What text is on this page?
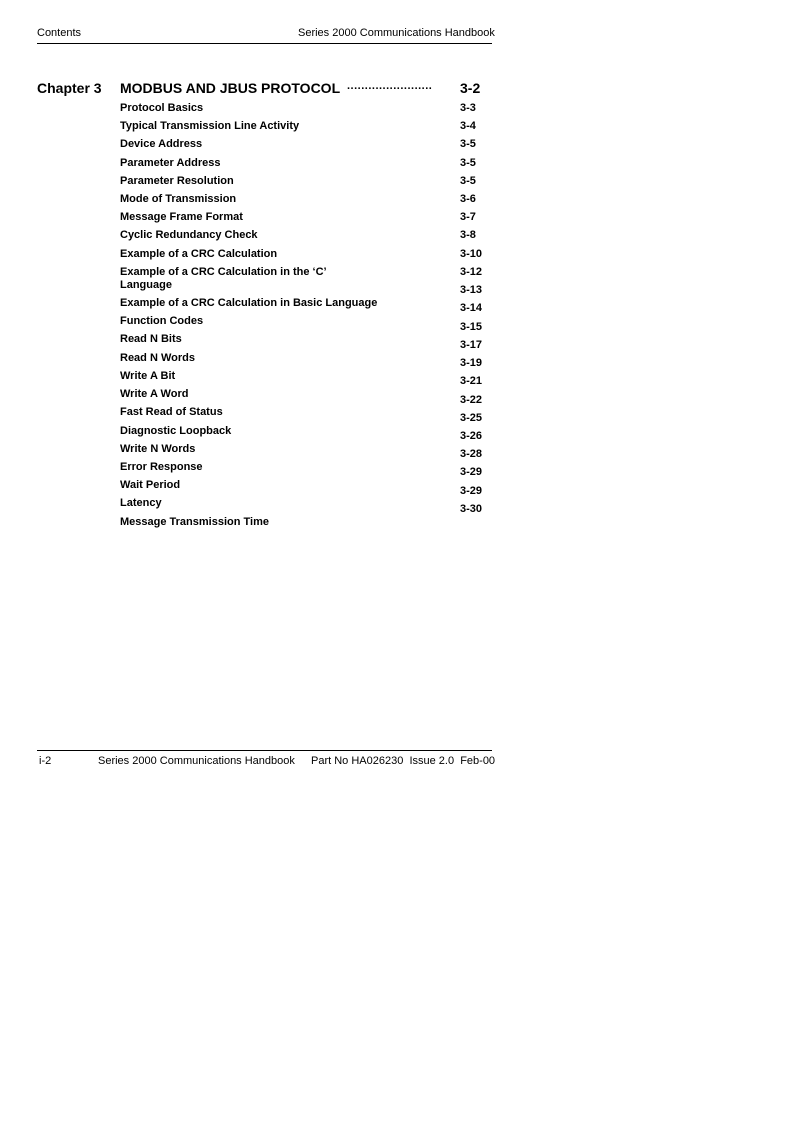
Contents	Series 2000 Communications Handbook
Chapter 3 MODBUS AND JBUS PROTOCOL ........................ 3-2
Protocol Basics
Typical Transmission Line Activity
Device Address
Parameter Address
Parameter Resolution
Mode of Transmission
Message Frame Format
Cyclic Redundancy Check
Example of a CRC Calculation
Example of a CRC Calculation in the ‘C’ Language
Example of a CRC Calculation in Basic Language
Function Codes
Read N Bits
Read N Words
Write A Bit
Write A Word
Fast Read of Status
Diagnostic Loopback
Write N Words
Error Response
Wait Period
Latency
Message Transmission Time
3-3
3-4
3-5
3-5
3-5
3-6
3-7
3-8
3-10
3-12
3-13
3-14
3-15
3-17
3-19
3-21
3-22
3-25
3-26
3-28
3-29
3-29
3-30
i-2	Series 2000 Communications Handbook Part No HA026230  Issue 2.0  Feb-00
